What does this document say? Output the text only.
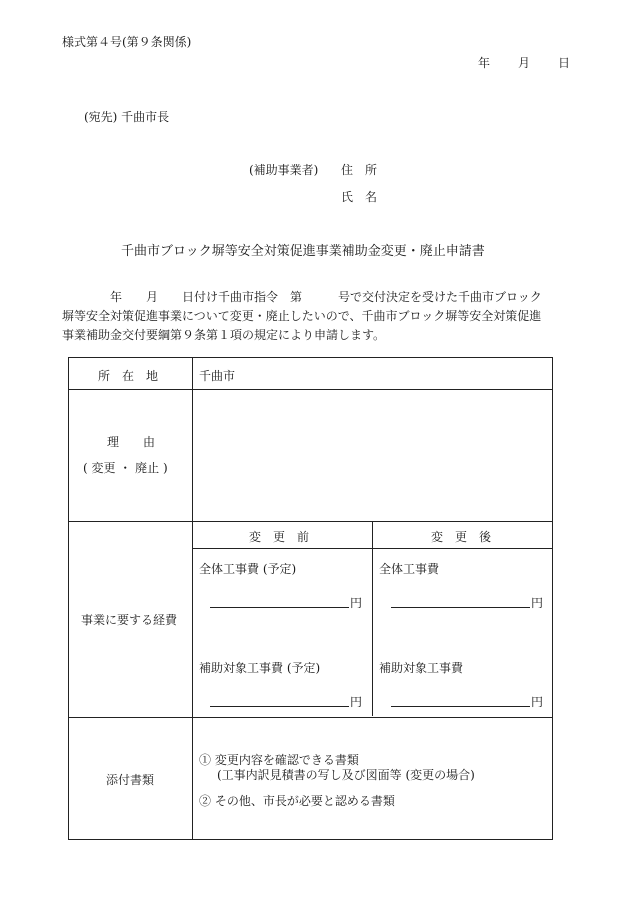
様式第４号(第９条関係)
年 月 日
(宛先) 千曲市長
(補助事業者) 住　所
氏　名
千曲市ブロック塀等安全対策促進事業補助金変更・廃止申請書
　　　　年　　月　　日付け千曲市指令　第　　　号で交付決定を受けた千曲市ブロック
塀等安全対策促進事業について変更・廃止したいので、千曲市ブロック塀等安全対策促進
事業補助金交付要綱第９条第１項の規定により申請します。
所　在　地	千曲市
理　　由
( 変更 ・ 廃止 )
事業に要する経費
変　更　前	変　更　後
全体工事費 (予定)
円
全体工事費
円
補助対象工事費 (予定)
円
補助対象工事費
円
添付書類
① 変更内容を確認できる書類
(工事内訳見積書の写し及び図面等 (変更の場合)
② その他、市長が必要と認める書類
